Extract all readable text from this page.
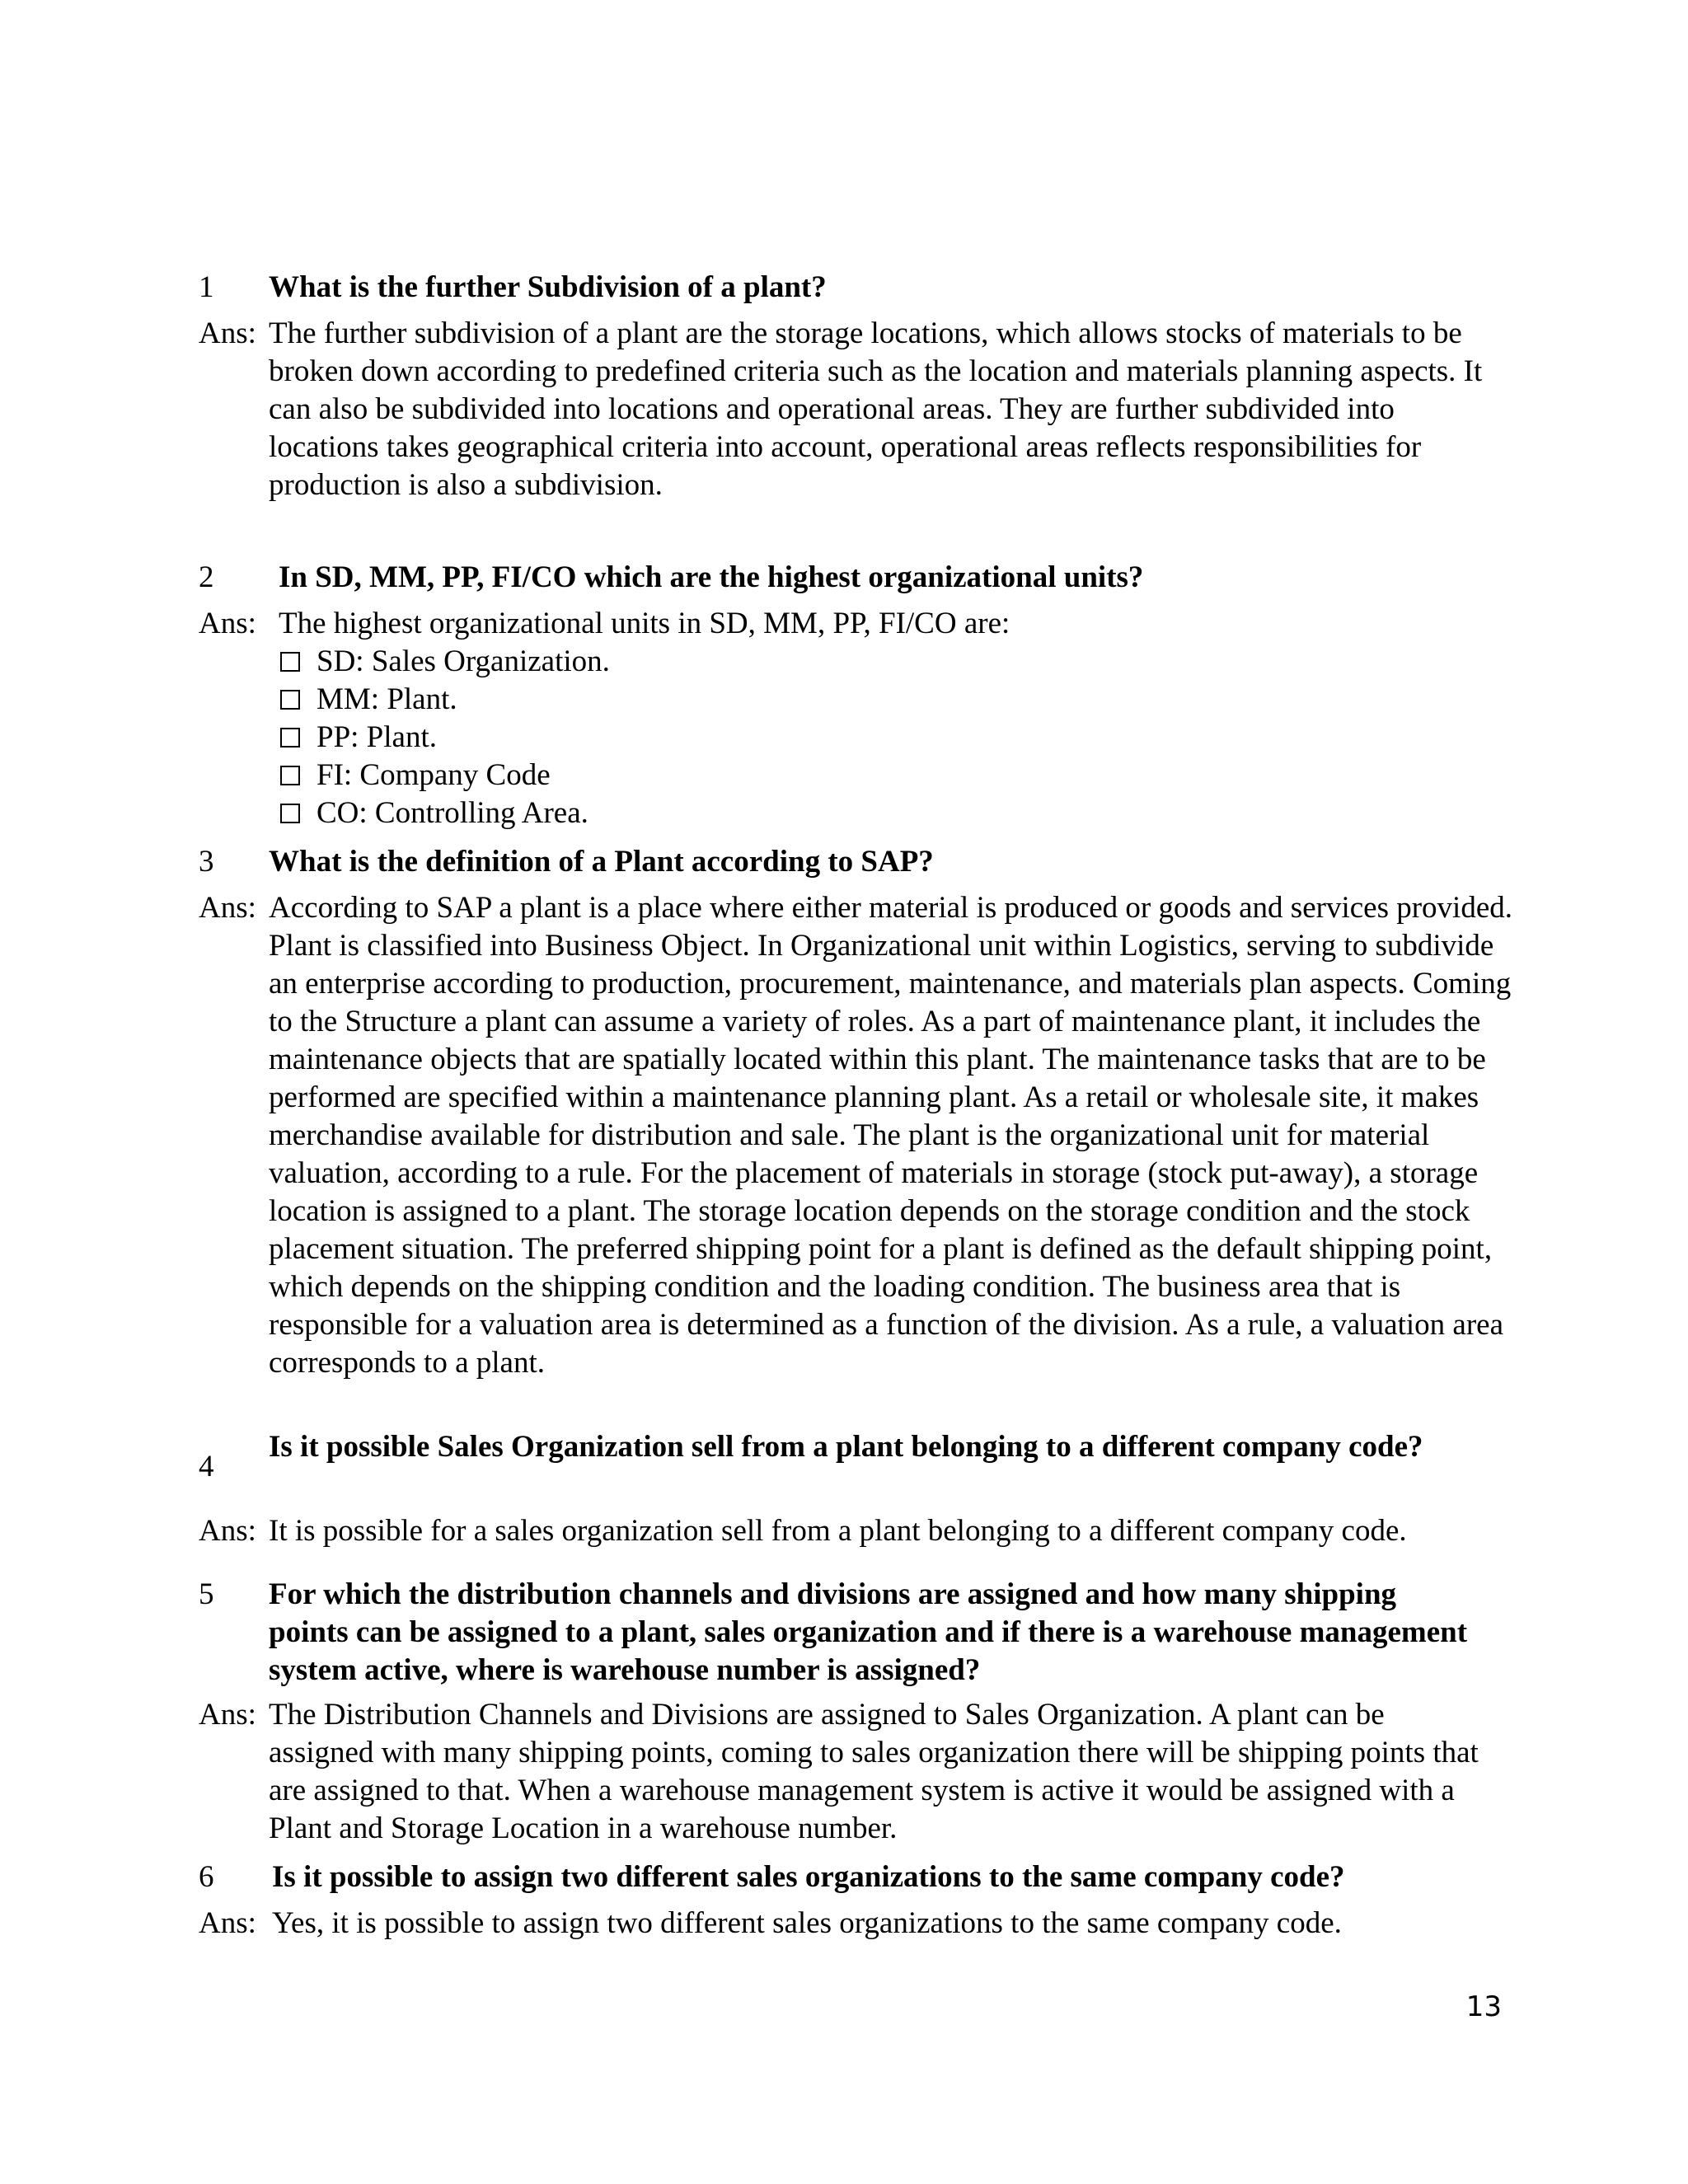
1	What is the further Subdivision of a plant?
Ans: The further subdivision of a plant are the storage locations, which allows stocks of materials to be broken down according to predefined criteria such as the location and materials planning aspects. It can also be subdivided into locations and operational areas. They are further subdivided into locations takes geographical criteria into account, operational areas reflects responsibilities for production is also a subdivision.
2	In SD, MM, PP, FI/CO which are the highest organizational units?
Ans: The highest organizational units in SD, MM, PP, FI/CO are:
SD: Sales Organization.
MM: Plant.
PP: Plant.
FI: Company Code
CO: Controlling Area.
3	What is the definition of a Plant according to SAP?
Ans: According to SAP a plant is a place where either material is produced or goods and services provided. Plant is classified into Business Object. In Organizational unit within Logistics, serving to subdivide an enterprise according to production, procurement, maintenance, and materials plan aspects. Coming to the Structure a plant can assume a variety of roles. As a part of maintenance plant, it includes the maintenance objects that are spatially located within this plant. The maintenance tasks that are to be performed are specified within a maintenance planning plant. As a retail or wholesale site, it makes merchandise available for distribution and sale. The plant is the organizational unit for material valuation, according to a rule. For the placement of materials in storage (stock put-away), a storage location is assigned to a plant. The storage location depends on the storage condition and the stock placement situation. The preferred shipping point for a plant is defined as the default shipping point, which depends on the shipping condition and the loading condition. The business area that is responsible for a valuation area is determined as a function of the division. As a rule, a valuation area corresponds to a plant.
4
Is it possible Sales Organization sell from a plant belonging to a different company code?
Ans: It is possible for a sales organization sell from a plant belonging to a different company code.
5	For which the distribution channels and divisions are assigned and how many shipping points can be assigned to a plant, sales organization and if there is a warehouse management system active, where is warehouse number is assigned?
Ans: The Distribution Channels and Divisions are assigned to Sales Organization. A plant can be assigned with many shipping points, coming to sales organization there will be shipping points that are assigned to that. When a warehouse management system is active it would be assigned with a Plant and Storage Location in a warehouse number.
6	Is it possible to assign two different sales organizations to the same company code?
Ans: Yes, it is possible to assign two different sales organizations to the same company code.
13
